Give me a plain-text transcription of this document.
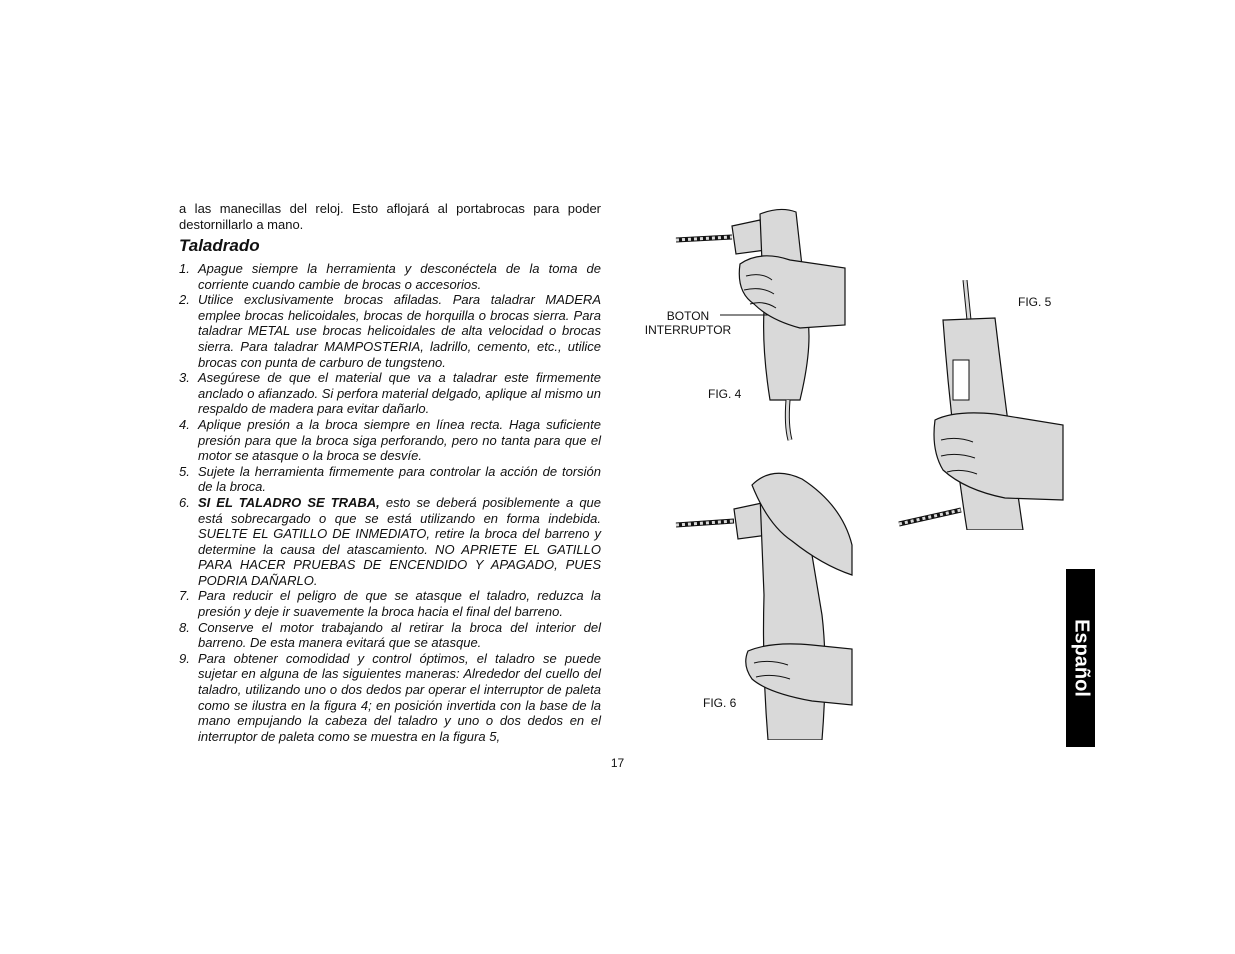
a las manecillas del reloj. Esto aflojará al portabrocas para poder destornillarlo a mano.
Taladrado
1. Apague siempre la herramienta y desconéctela de la toma de corriente cuando cambie de brocas o accesorios.
2. Utilice exclusivamente brocas afiladas. Para taladrar MADERA emplee brocas helicoidales, brocas de horquilla o brocas sierra. Para taladrar METAL use brocas helicoidales de alta velocidad o brocas sierra. Para taladrar MAMPOSTERIA, ladrillo, cemento, etc., utilice brocas con punta de carburo de tungsteno.
3. Asegúrese de que el material que va a taladrar este firmemente anclado o afianzado. Si perfora material delgado, aplique al mismo un respaldo de madera para evitar dañarlo.
4. Aplique presión a la broca siempre en línea recta. Haga suficiente presión para que la broca siga perforando, pero no tanta para que el motor se atasque o la broca se desvíe.
5. Sujete la herramienta firmemente para controlar la acción de torsión de la broca.
6. SI EL TALADRO SE TRABA, esto se deberá posiblemente a que está sobrecargado o que se está utilizando en forma indebida. SUELTE EL GATILLO DE INMEDIATO, retire la broca del barreno y determine la causa del atascamiento. NO APRIETE EL GATILLO PARA HACER PRUEBAS DE ENCENDIDO Y APAGADO, PUES PODRIA DAÑARLO.
7. Para reducir el peligro de que se atasque el taladro, reduzca la presión y deje ir suavemente la broca hacia el final del barreno.
8. Conserve el motor trabajando al retirar la broca del interior del barreno. De esta manera evitará que se atasque.
9. Para obtener comodidad y control óptimos, el taladro se puede sujetar en alguna de las siguientes maneras: Alrededor del cuello del taladro, utilizando uno o dos dedos par operar el interruptor de paleta como se ilustra en la figura 4; en posición invertida con la base de la mano empujando la cabeza del taladro y uno o dos dedos en el interruptor de paleta como se muestra en la figura 5,
BOTON
INTERRUPTOR
FIG. 4
FIG. 5
FIG. 6
17
Español
